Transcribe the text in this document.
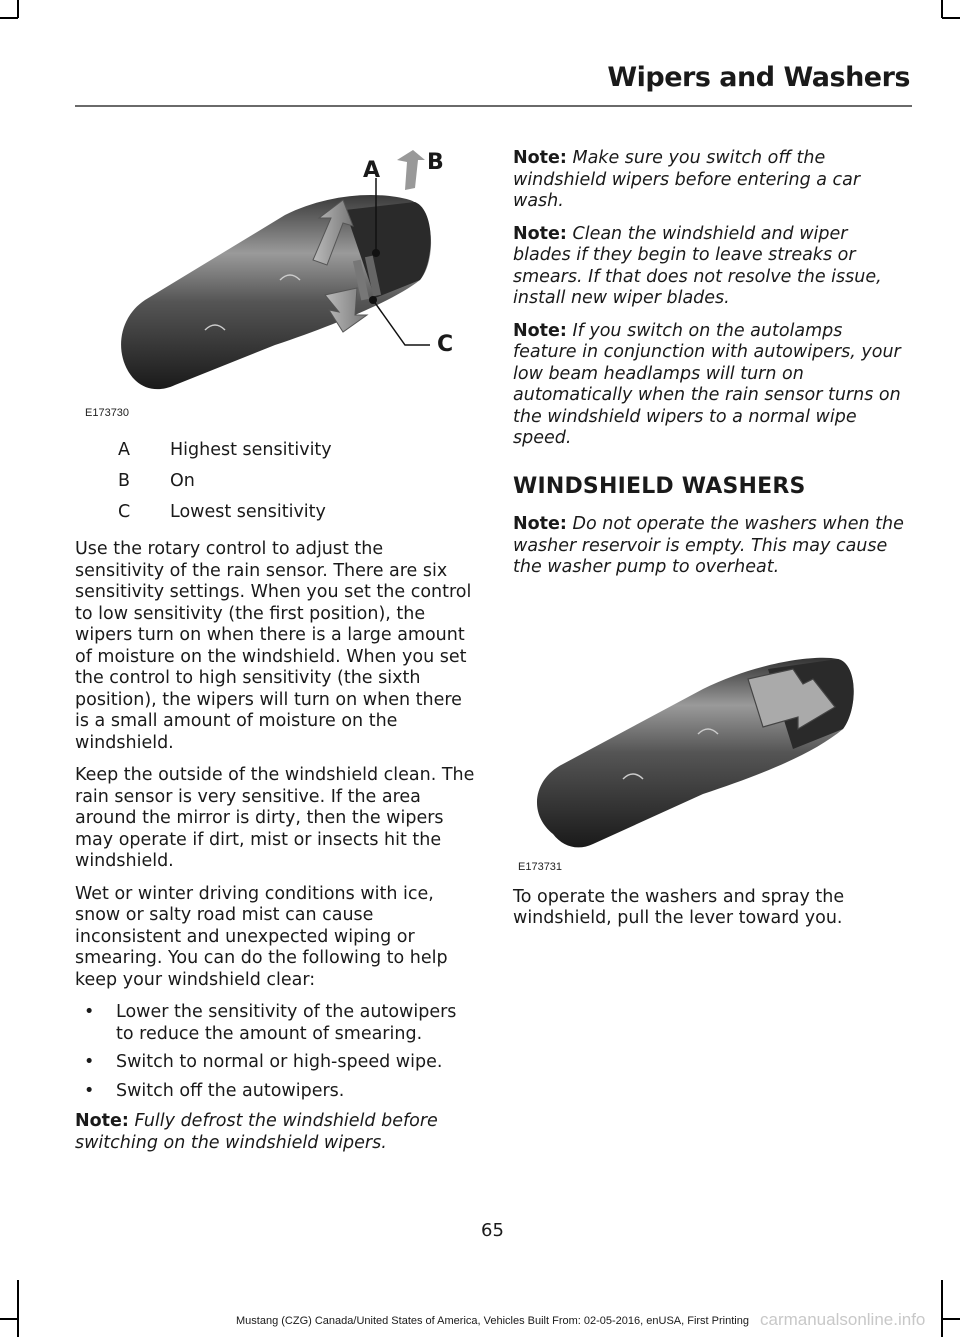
Wipers and Washers
A B
C
E173730
A	Highest sensitivity
B	On
C	Lowest sensitivity

Use the rotary control to adjust the sensitivity of the rain sensor. There are six sensitivity settings. When you set the control to low sensitivity (the first position), the wipers turn on when there is a large amount of moisture on the windshield. When you set the control to high sensitivity (the sixth position), the wipers will turn on when there is a small amount of moisture on the windshield.

Keep the outside of the windshield clean. The rain sensor is very sensitive. If the area around the mirror is dirty, then the wipers may operate if dirt, mist or insects hit the windshield.

Wet or winter driving conditions with ice, snow or salty road mist can cause inconsistent and unexpected wiping or smearing. You can do the following to help keep your windshield clear:

• Lower the sensitivity of the autowipers to reduce the amount of smearing.
• Switch to normal or high-speed wipe.
• Switch off the autowipers.

Note: Fully defrost the windshield before switching on the windshield wipers.

Note: Make sure you switch off the windshield wipers before entering a car wash.

Note: Clean the windshield and wiper blades if they begin to leave streaks or smears. If that does not resolve the issue, install new wiper blades.

Note: If you switch on the autolamps feature in conjunction with autowipers, your low beam headlamps will turn on automatically when the rain sensor turns on the windshield wipers to a normal wipe speed.

WINDSHIELD WASHERS

Note: Do not operate the washers when the washer reservoir is empty. This may cause the washer pump to overheat.

E173731

To operate the washers and spray the windshield, pull the lever toward you.

65
Mustang (CZG) Canada/United States of America, Vehicles Built From: 02-05-2016, enUSA, First Printing carmanualsonline.info
